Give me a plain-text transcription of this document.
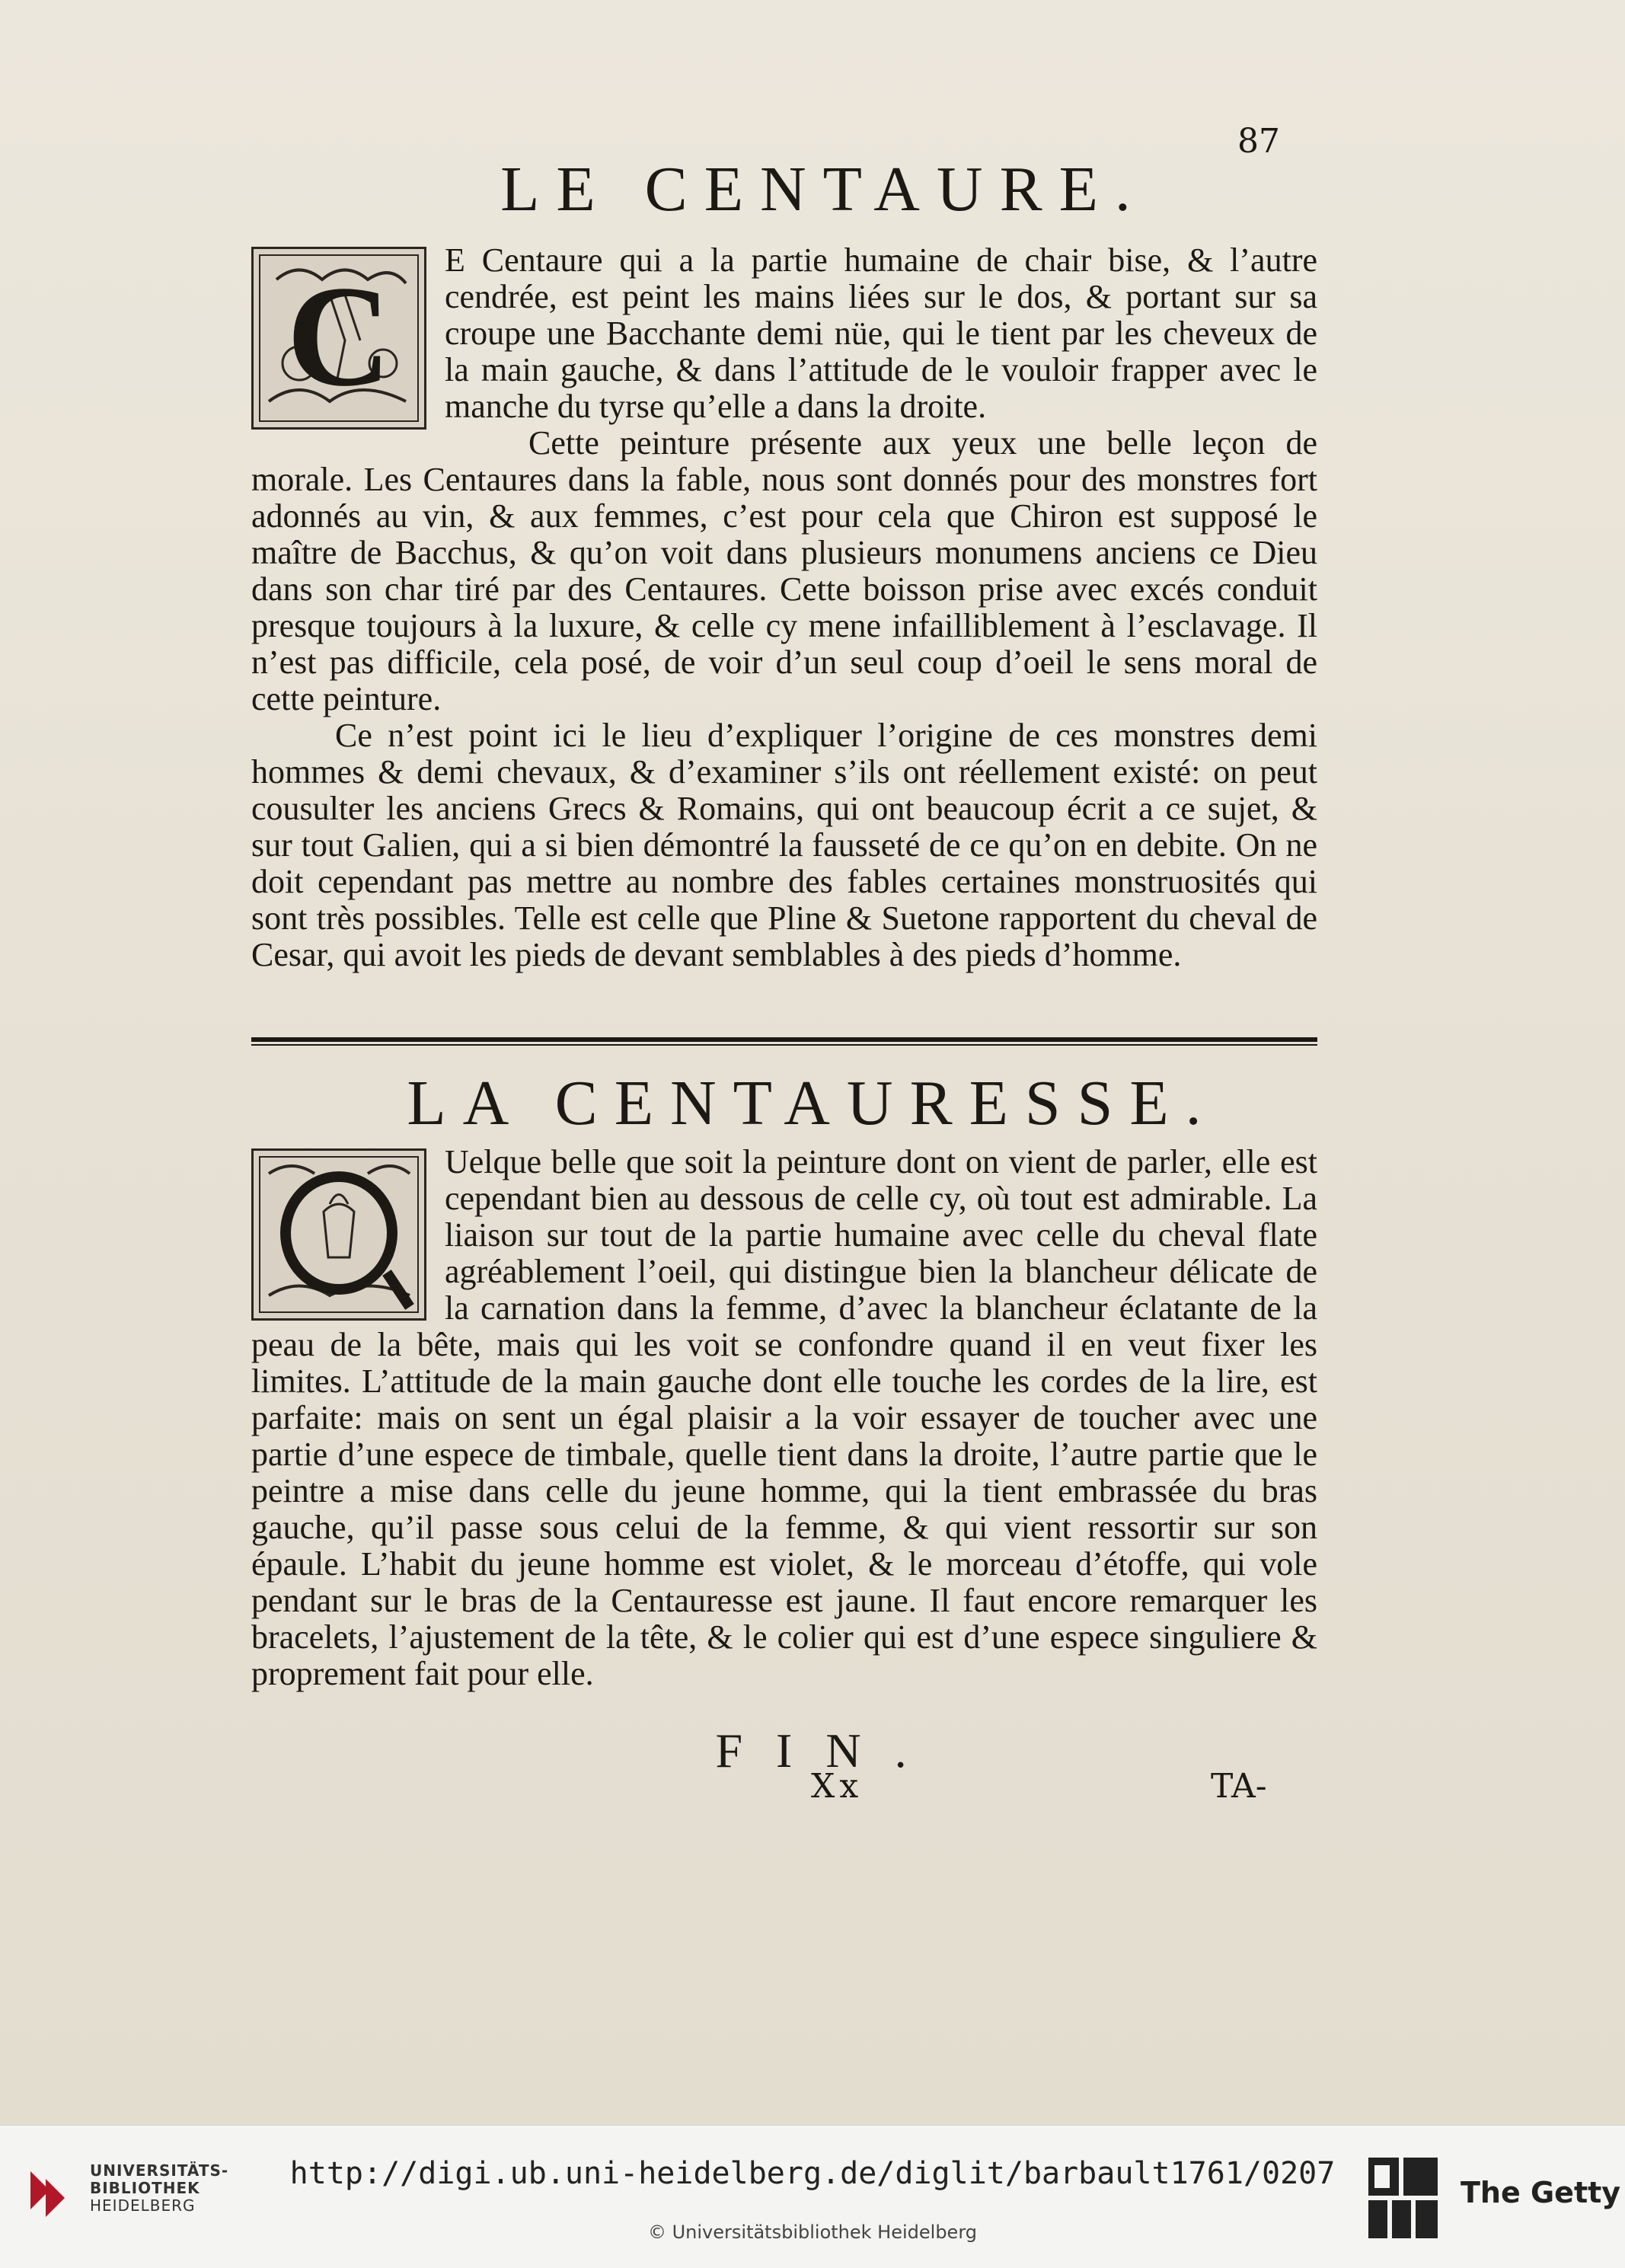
87
LE CENTAURE.
C	E Centaure qui a la partie humaine de chair bise, & l’autre cendrée, est peint les mains liées sur le dos, & portant sur sa croupe une Bacchante demi nüe, qui le tient par les cheveux de la main gauche, & dans l’attitude de le vouloir frapper avec le manche du tyrse qu’elle a dans la droite.

Cette peinture présente aux yeux une belle leçon de morale. Les Centaures dans la fable, nous sont donnés pour des monstres fort adonnés au vin, & aux femmes, c’est pour cela que Chiron est supposé le maître de Bacchus, & qu’on voit dans plusieurs monumens anciens ce Dieu dans son char tiré par des Centaures. Cette boisson prise avec excés conduit presque toujours à la luxure, & celle cy mene infailliblement à l’esclavage. Il n’est pas difficile, cela posé, de voir d’un seul coup d’oeil le sens moral de cette peinture.

Ce n’est point ici le lieu d’expliquer l’origine de ces monstres demi hommes & demi chevaux, & d’examiner s’ils ont réellement existé: on peut cousulter les anciens Grecs & Romains, qui ont beaucoup écrit a ce sujet, & sur tout Galien, qui a si bien démontré la fausseté de ce qu’on en debite. On ne doit cependant pas mettre au nombre des fables certaines monstruosités qui sont très possibles. Telle est celle que Pline & Suetone rapportent du cheval de Cesar, qui avoit les pieds de devant semblables à des pieds d’homme.

LA CENTAURESSE.

Uelque belle que soit la peinture dont on vient de parler, elle est cependant bien au dessous de celle cy, où tout est admirable. La liaison sur tout de la partie humaine avec celle du cheval flate agréablement l’oeil, qui distingue bien la blancheur délicate de la carnation dans la femme, d’avec la blancheur éclatante de la peau de la bête, mais qui les voit se confondre quand il en veut fixer les limites. L’attitude de la main gauche dont elle touche les cordes de la lire, est parfaite: mais on sent un égal plaisir a la voir essayer de toucher avec une partie d’une espece de timbale, quelle tient dans la droite, l’autre partie que le peintre a mise dans celle du jeune homme, qui la tient embrassée du bras gauche, qu’il passe sous celui de la femme, & qui vient ressortir sur son épaule. L’habit du jeune homme est violet, & le morceau d’étoffe, qui vole pendant sur le bras de la Centauresse est jaune. Il faut encore remarquer les bracelets, l’ajustement de la tête, & le colier qui est d’une espece singuliere & proprement fait pour elle.

FIN.
Xx	TA-
UNIVERSITÄTS-
BIBLIOTHEK
HEIDELBERG
http://digi.ub.uni-heidelberg.de/diglit/barbault1761/0207
© Universitätsbibliothek Heidelberg
The Getty
